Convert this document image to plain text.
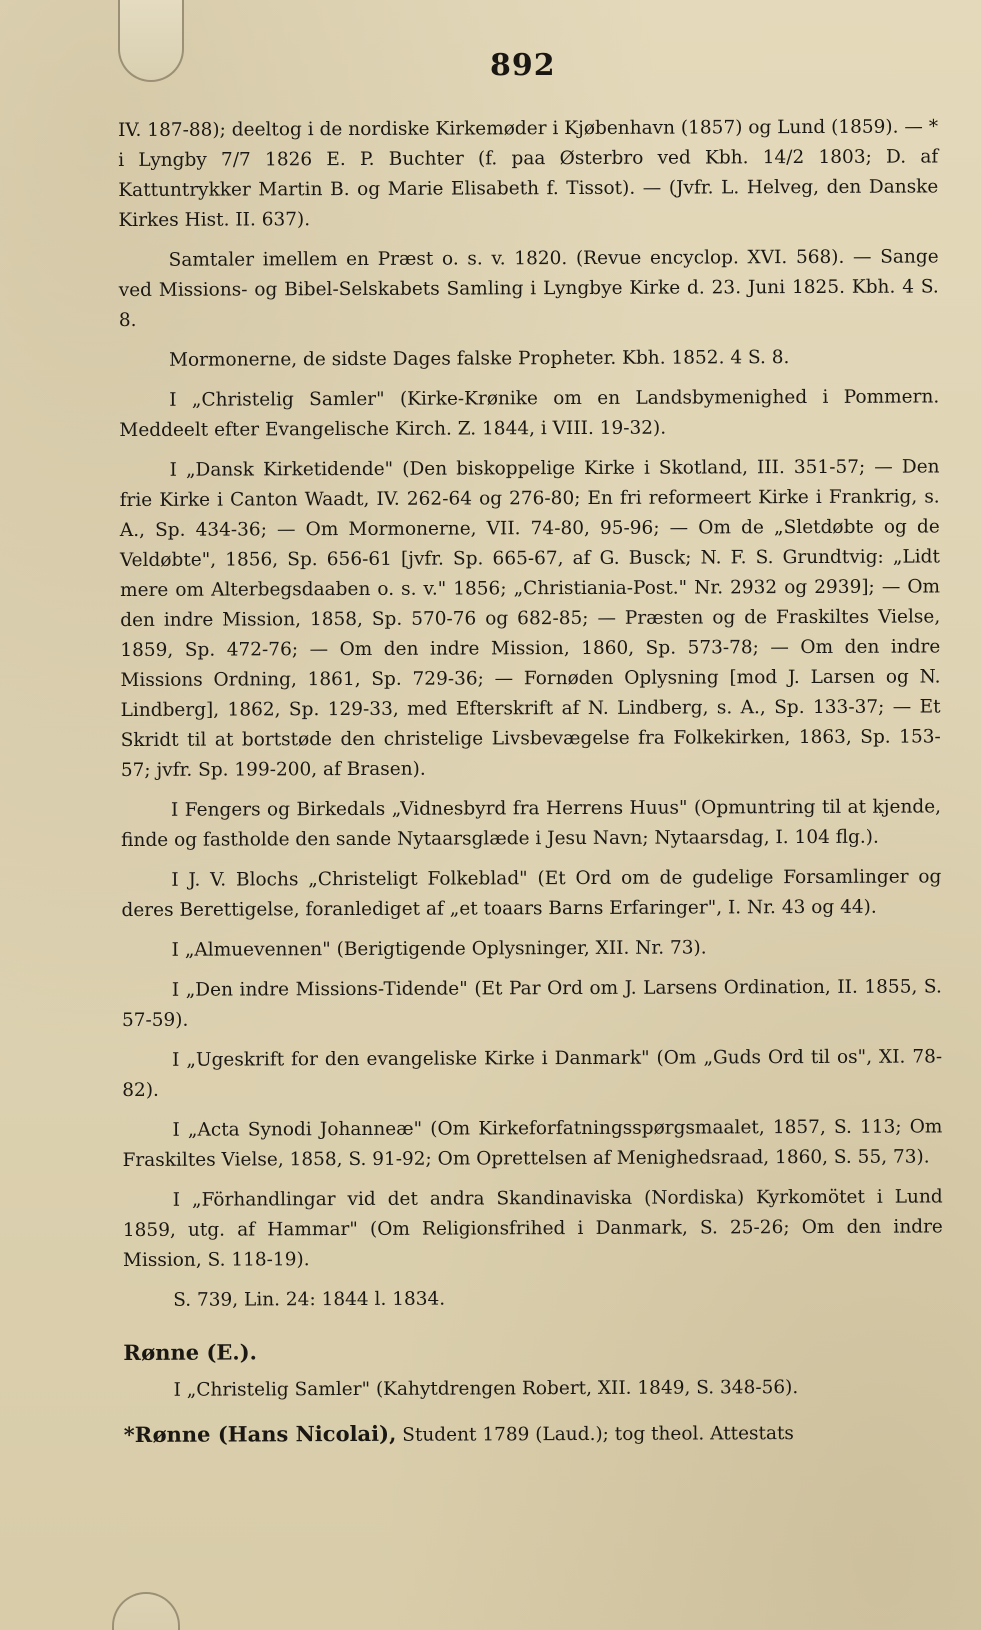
892

IV. 187-88); deeltog i de nordiske Kirkemøder i Kjøbenhavn (1857) og Lund (1859). — * i Lyngby 7/7 1826 E. P. Buchter (f. paa Østerbro ved Kbh. 14/2 1803; D. af Kattuntrykker Martin B. og Marie Elisabeth f. Tissot). — (Jvfr. L. Helveg, den Danske Kirkes Hist. II. 637).

Samtaler imellem en Præst o. s. v. 1820. (Revue encyclop. XVI. 568). — Sange ved Missions- og Bibel-Selskabets Samling i Lyngbye Kirke d. 23. Juni 1825. Kbh. 4 S. 8.

Mormonerne, de sidste Dages falske Propheter. Kbh. 1852. 4 S. 8.

I „Christelig Samler" (Kirke-Krønike om en Landsbymenighed i Pommern. Meddeelt efter Evangelische Kirch. Z. 1844, i VIII. 19-32).

I „Dansk Kirketidende" (Den biskoppelige Kirke i Skotland, III. 351-57; — Den frie Kirke i Canton Waadt, IV. 262-64 og 276-80; En fri reformeert Kirke i Frankrig, s. A., Sp. 434-36; — Om Mormonerne, VII. 74-80, 95-96; — Om de „Sletdøbte og de Veldøbte", 1856, Sp. 656-61 [jvfr. Sp. 665-67, af G. Busck; N. F. S. Grundtvig: „Lidt mere om Alterbegsdaaben o. s. v." 1856; „Christiania-Post." Nr. 2932 og 2939]; — Om den indre Mission, 1858, Sp. 570-76 og 682-85; — Præsten og de Fraskiltes Vielse, 1859, Sp. 472-76; — Om den indre Mission, 1860, Sp. 573-78; — Om den indre Missions Ordning, 1861, Sp. 729-36; — Fornøden Oplysning [mod J. Larsen og N. Lindberg], 1862, Sp. 129-33, med Efterskrift af N. Lindberg, s. A., Sp. 133-37; — Et Skridt til at bortstøde den christelige Livsbevægelse fra Folkekirken, 1863, Sp. 153-57; jvfr. Sp. 199-200, af Brasen).

I Fengers og Birkedals „Vidnesbyrd fra Herrens Huus" (Opmuntring til at kjende, finde og fastholde den sande Nytaarsglæde i Jesu Navn; Nytaarsdag, I. 104 flg.).

I J. V. Blochs „Christeligt Folkeblad" (Et Ord om de gudelige Forsamlinger og deres Berettigelse, foranlediget af „et toaars Barns Erfaringer", I. Nr. 43 og 44).

I „Almuevennen" (Berigtigende Oplysninger, XII. Nr. 73).

I „Den indre Missions-Tidende" (Et Par Ord om J. Larsens Ordination, II. 1855, S. 57-59).

I „Ugeskrift for den evangeliske Kirke i Danmark" (Om „Guds Ord til os", XI. 78-82).

I „Acta Synodi Johanneæ" (Om Kirkeforfatningsspørgsmaalet, 1857, S. 113; Om Fraskiltes Vielse, 1858, S. 91-92; Om Oprettelsen af Menighedsraad, 1860, S. 55, 73).

I „Förhandlingar vid det andra Skandinaviska (Nordiska) Kyrkomötet i Lund 1859, utg. af Hammar" (Om Religionsfrihed i Danmark, S. 25-26; Om den indre Mission, S. 118-19).

S. 739, Lin. 24: 1844 l. 1834.

Rønne (E.).

I „Christelig Samler" (Kahytdrengen Robert, XII. 1849, S. 348-56).

*Rønne (Hans Nicolai), Student 1789 (Laud.); tog theol. Attestats
